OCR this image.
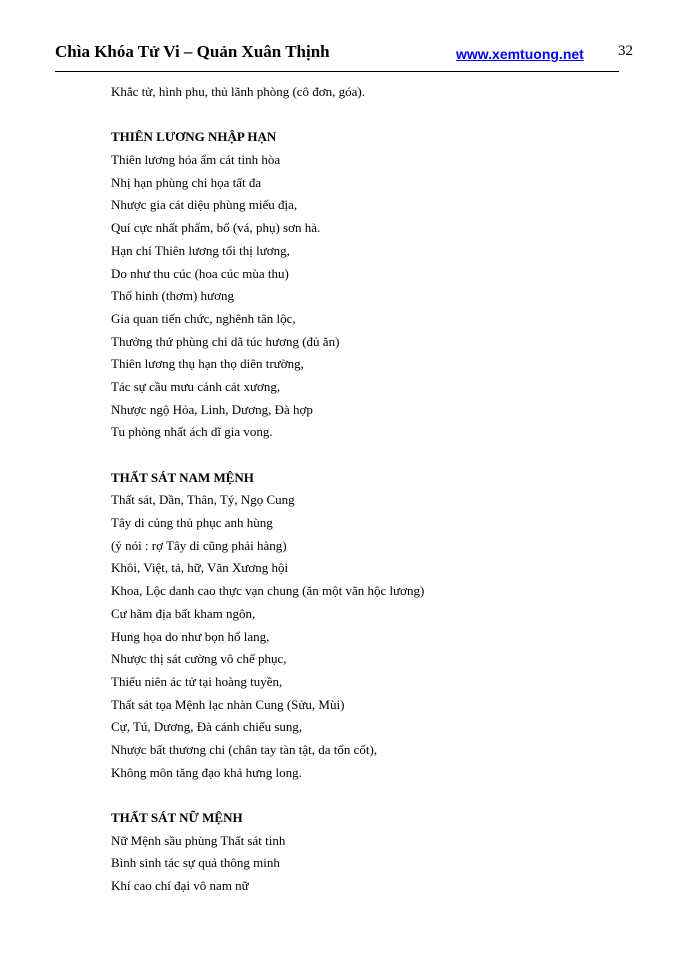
Chìa Khóa Tử Vi – Quản Xuân Thịnh	www.xemtuong.net 32
Khắc tử, hình phu, thủ lãnh phòng (cô đơn, góa).
THIÊN LƯƠNG NHẬP HẠN
Thiên lương hóa ẩm cát tinh hòa
Nhị hạn phùng chi họa tất đa
Nhược gia cát diệu phùng miếu địa,
Quí cực nhất phẩm, bổ (vá, phụ) sơn hà.
Hạn chí Thiên lương tối thị lương,
Do như thu cúc (hoa cúc mùa thu)
Thổ hinh (thơm) hương
Gia quan tiến chức, nghênh tân lộc,
Thưởng thứ phùng chi dã túc hương (đủ ăn)
Thiên lương thụ hạn thọ diên trường,
Tác sự cầu mưu cánh cát xương,
Nhược ngộ Hỏa, Linh, Dương, Đà hợp
Tu phòng nhất ách dĩ gia vong.
THẤT SÁT NAM MỆNH
Thất sát, Dần, Thân, Tý, Ngọ Cung
Tây di củng thủ phục anh hùng
(ý nói : rợ Tây di cũng phải hàng)
Khôi, Việt, tả, hữ, Văn Xương hội
Khoa, Lộc danh cao thực vạn chung (ăn một vãn hộc lương)
Cư hãm địa bất kham ngôn,
Hung họa do như bọn hổ lang,
Nhược thị sát cường vô chế phục,
Thiếu niên ác tử tại hoàng tuyền,
Thất sát tọa Mệnh lạc nhàn Cung (Sửu, Mùi)
Cự, Tú, Dương, Đà cánh chiếu sung,
Nhược bất thương chi (chân tay tàn tật, da tổn cốt),
Không môn tăng đạo khả hưng long.
THẤT SÁT NỮ MỆNH
Nữ Mệnh sầu phùng Thất sát tinh
Bình sinh tác sự quả thông minh
Khí cao chí đại vô nam nữ
